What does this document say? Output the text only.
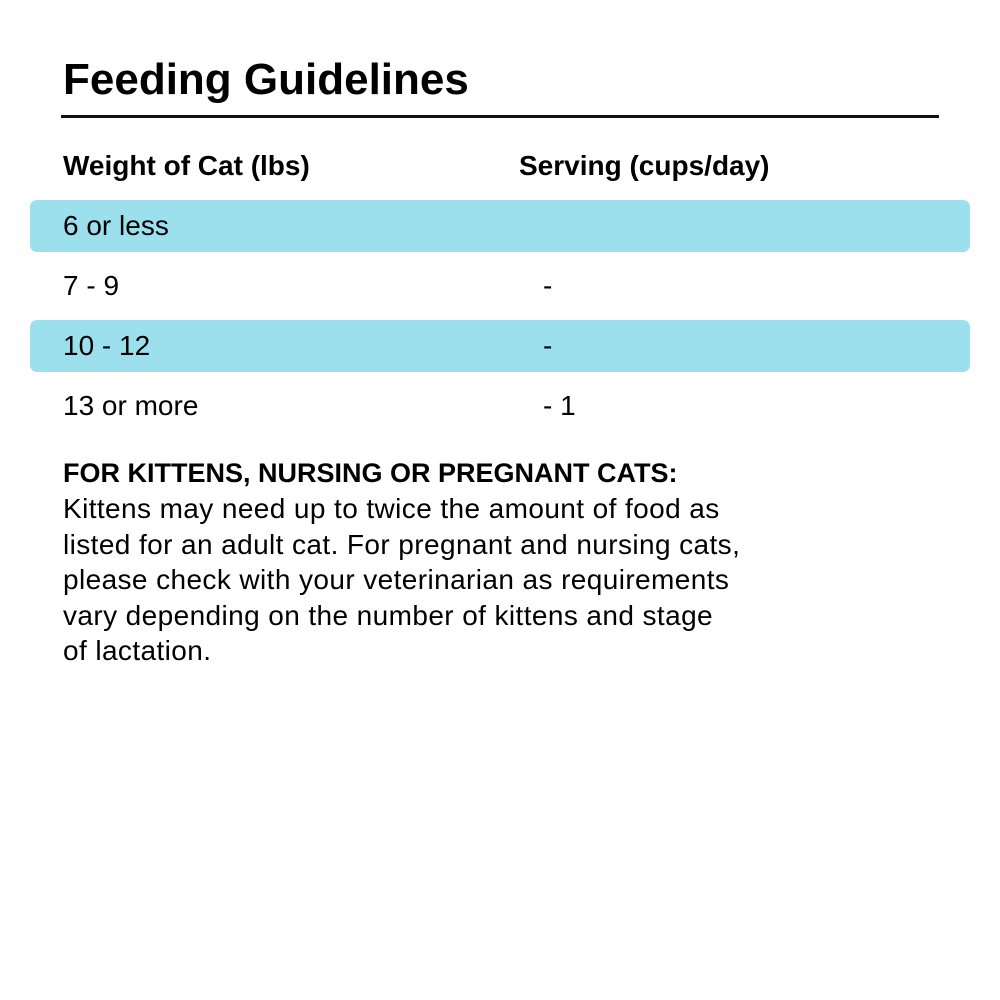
Feeding Guidelines
Weight of Cat (lbs)	Serving (cups/day)
6 or less
7 - 9	-
10 - 12	-
13 or more	- 1
FOR KITTENS, NURSING OR PREGNANT CATS:
Kittens may need up to twice the amount of food as
listed for an adult cat. For pregnant and nursing cats,
please check with your veterinarian as requirements
vary depending on the number of kittens and stage
of lactation.
